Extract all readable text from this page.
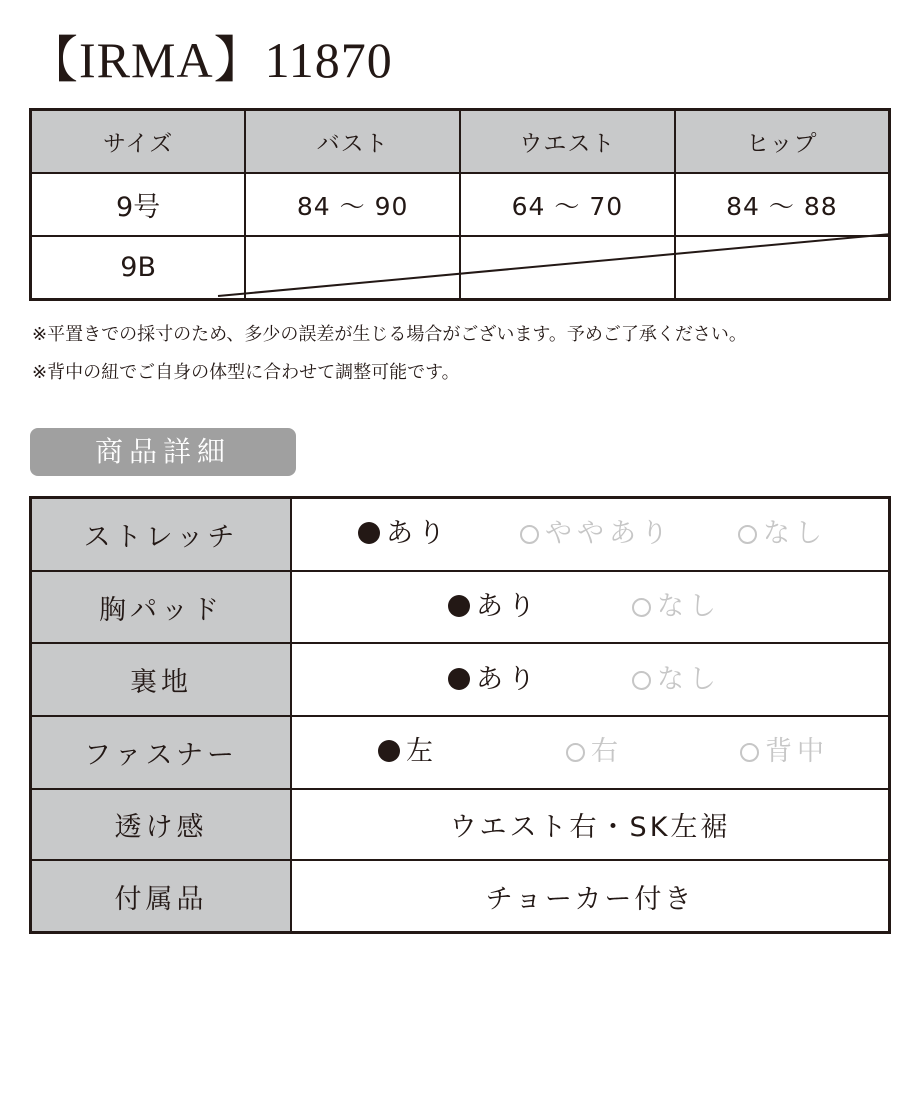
【IRMA】11870
サイズ	バスト	ウエスト	ヒップ
9号	84 〜 90	64 〜 70	84 〜 88
9B			
※平置きでの採寸のため、多少の誤差が生じる場合がございます。予めご了承ください。
※背中の紐でご自身の体型に合わせて調整可能です。
商品詳細
ストレッチ	あり ややあり なし

胸パッド	あり なし

裏地	あり なし

ファスナー	左 右 背中

透け感	ウエスト右・SK左裾
付属品	チョーカー付き
